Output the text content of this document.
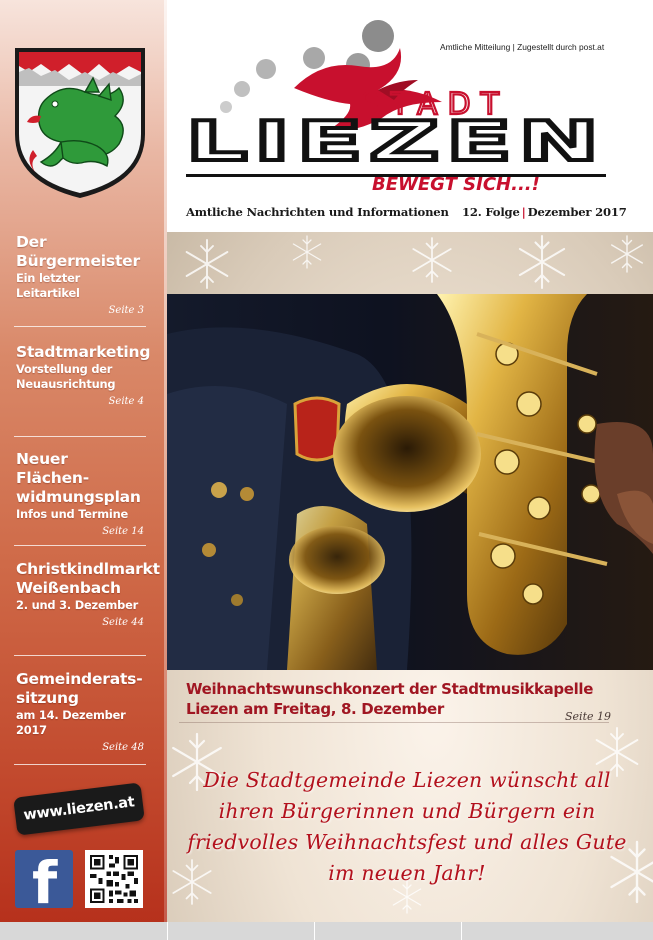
Der Bürgermeister
Ein letzter Leitartikel
Seite 3
Stadtmarketing
Vorstellung der Neuausrichtung
Seite 4
Neuer Flächen-widmungsplan
Infos und Termine
Seite 14
Christkindlmarkt Weißenbach
2. und 3. Dezember
Seite 44
Gemeinderats-sitzung
am 14. Dezember 2017
Seite 48
www.liezen.at
f
Amtliche Mitteilung | Zugestellt durch post.at
STADT
LIEZEN
BEWEGT SICH...!
Amtliche Nachrichten und Informationen 12. Folge | Dezember 2017
Weihnachtswunschkonzert der Stadtmusikkapelle Liezen am Freitag, 8. Dezember	Seite 19
Die Stadtgemeinde Liezen wünscht all ihren Bürgerinnen und Bürgern ein friedvolles Weihnachtsfest und alles Gute im neuen Jahr!
